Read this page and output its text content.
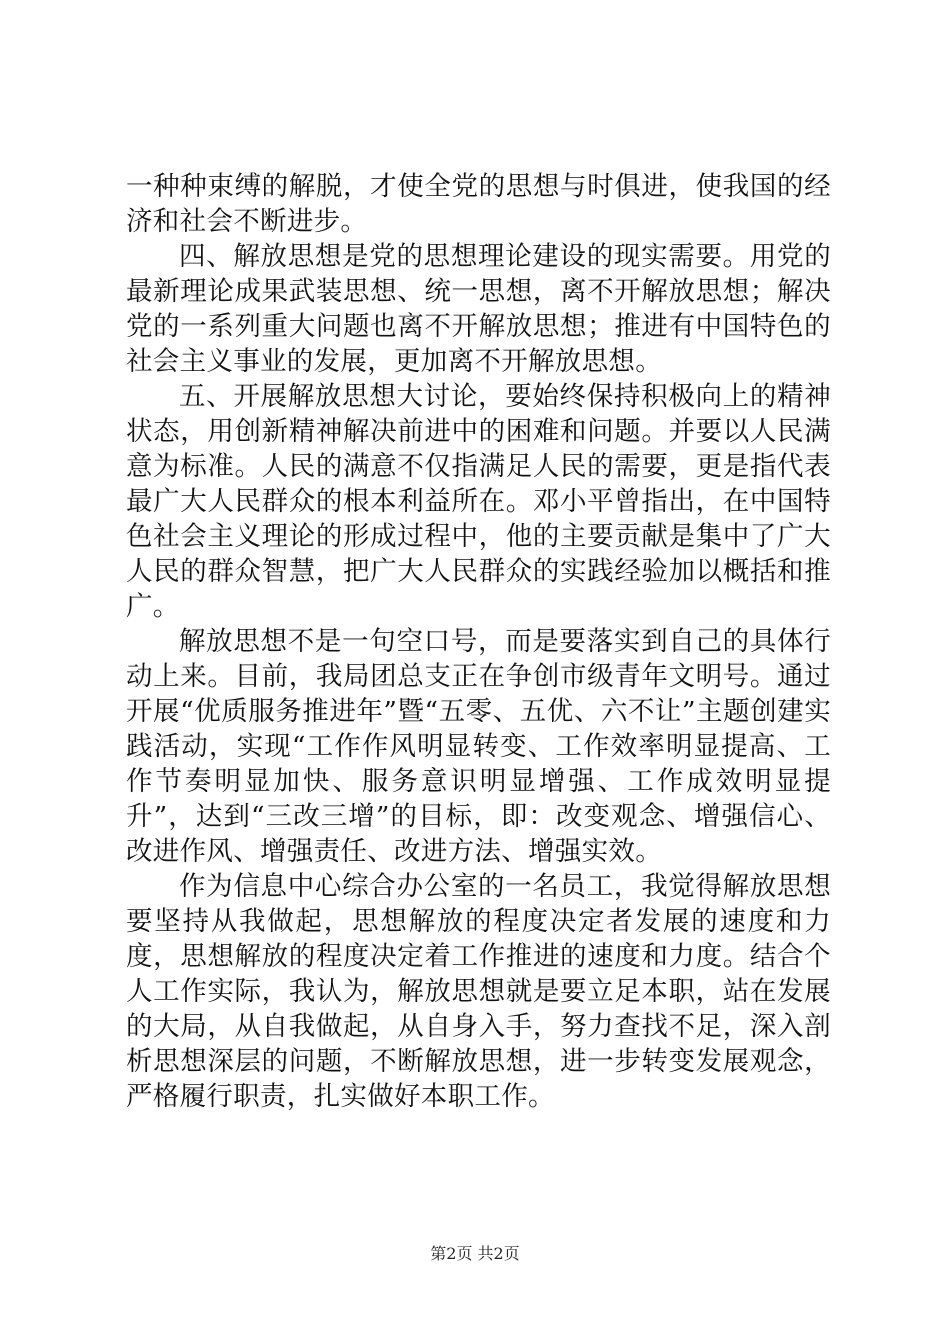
一种种束缚的解脱，才使全党的思想与时俱进，使我国的经济和社会不断进步。

四、解放思想是党的思想理论建设的现实需要。用党的最新理论成果武装思想、统一思想，离不开解放思想；解决党的一系列重大问题也离不开解放思想；推进有中国特色的社会主义事业的发展，更加离不开解放思想。

五、开展解放思想大讨论，要始终保持积极向上的精神状态，用创新精神解决前进中的困难和问题。并要以人民满意为标准。人民的满意不仅指满足人民的需要，更是指代表最广大人民群众的根本利益所在。邓小平曾指出，在中国特色社会主义理论的形成过程中，他的主要贡献是集中了广大人民的群众智慧，把广大人民群众的实践经验加以概括和推广。

解放思想不是一句空口号，而是要落实到自己的具体行动上来。目前，我局团总支正在争创市级青年文明号。通过开展“优质服务推进年”暨“五零、五优、六不让”主题创建实践活动，实现“工作作风明显转变、工作效率明显提高、工作节奏明显加快、服务意识明显增强、工作成效明显提升”，达到“三改三增”的目标，即：改变观念、增强信心、改进作风、增强责任、改进方法、增强实效。

作为信息中心综合办公室的一名员工，我觉得解放思想要坚持从我做起，思想解放的程度决定者发展的速度和力度，思想解放的程度决定着工作推进的速度和力度。结合个人工作实际，我认为，解放思想就是要立足本职，站在发展的大局，从自我做起，从自身入手，努力查找不足，深入剖析思想深层的问题，不断解放思想，进一步转变发展观念，严格履行职责，扎实做好本职工作。

第2页 共2页
